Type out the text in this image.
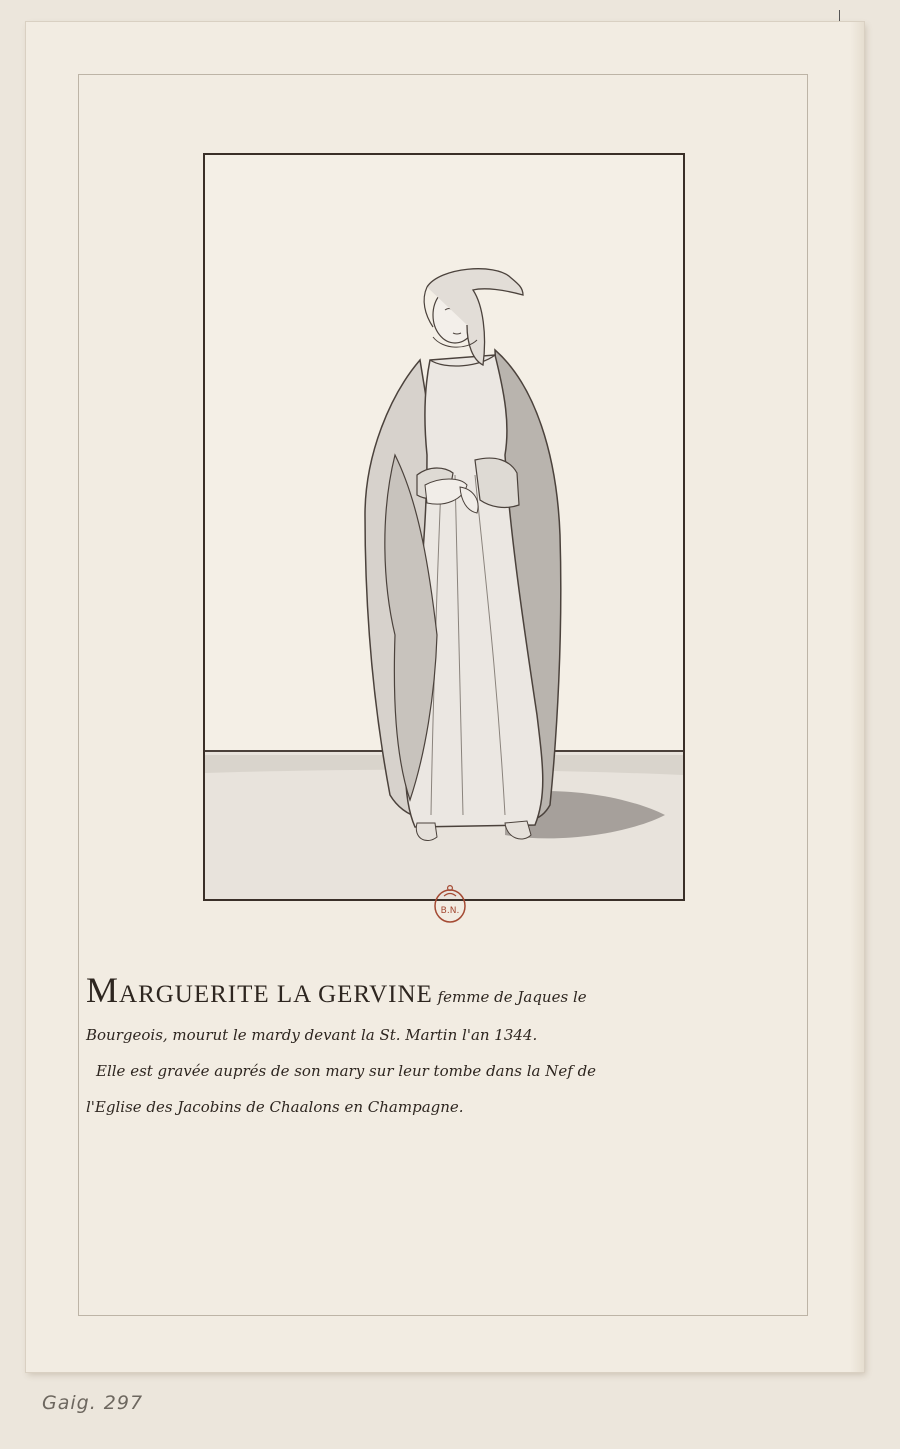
B.N.
MARGUERITE LA GERVINE femme de Jaques le
Bourgeois, mourut le mardy devant la St. Martin l'an 1344.
Elle est gravée auprés de son mary sur leur tombe dans la Nef de
l'Eglise des Jacobins de Chaalons en Champagne.
Gaig. 297
